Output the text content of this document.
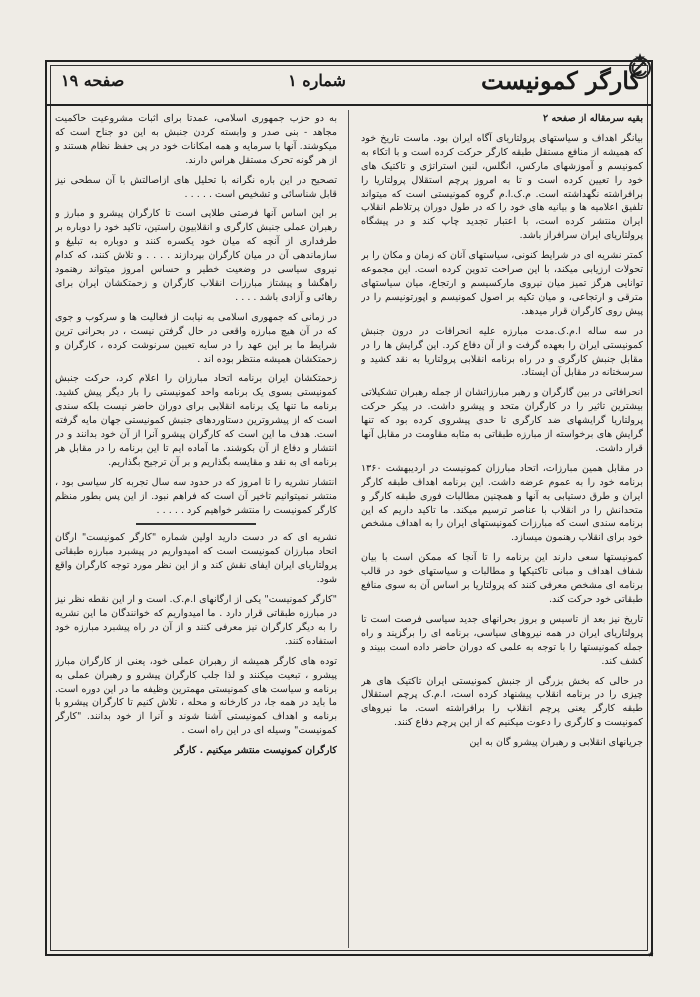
کارگر کمونیست
شماره ۱
صفحه ۱۹

بقیه سرمقاله از صفحه ۲

بیانگر اهداف و سیاستهای پرولتاریای آگاه ایران بود. ماست تاریخ خود که همیشه از منافع مستقل طبقه کارگر حرکت کرده است و با اتکاء به کمونیسم و آموزشهای مارکس، انگلس، لنین استراتژی و تاکتیک های خود را تعیین کرده است و تا به امروز پرچم استقلال پرولتاریا را برافراشته نگهداشته است. م.ک.ا.م گروه کمونیستی است که میتواند تلفیق اعلامیه ها و بیانیه های خود را که در طول دوران پرتلاطم انقلاب ایران منتشر کرده است، با اعتبار تجدید چاپ کند و در پیشگاه پرولتاریای ایران سرافراز باشد.

کمتر نشریه ای در شرایط کنونی، سیاستهای آنان که زمان و مکان را بر تحولات ارزیابی میکند، با این صراحت تدوین کرده است. این مجموعه توانایی هرگز تمیز میان نیروی مارکسیسم و ارتجاع، میان سیاستهای مترقی و ارتجاعی، و میان تکیه بر اصول کمونیسم و اپورتونیسم را در پیش روی کارگران قرار میدهد.

در سه ساله ا.م.ک.مدت مبارزه علیه انحرافات در درون جنبش کمونیستی ایران را بعهده گرفت و از آن دفاع کرد. این گرایش ها را در مقابل جنبش کارگری و در راه برنامه انقلابی پرولتاریا به نقد کشید و سرسختانه در مقابل آن ایستاد.

انحرافاتی در بین گارگران و رهبر مبارزاتشان از جمله رهبران تشکیلاتی بیشترین تاثیر را در کارگران متحد و پیشرو داشت. در پیکر حرکت پرولتاریا گرایشهای ضد کارگری تا حدی پیشروی کرده بود که تنها گرایش های برخواسته از مبارزه طبقاتی به مثابه مقاومت در مقابل آنها قرار داشت.

در مقابل همین مبارزات، اتحاد مبارزان کمونیست در اردیبهشت ۱۳۶۰ برنامه خود را به عموم عرضه داشت. این برنامه اهداف طبقه کارگر ایران و طرق دستیابی به آنها و همچنین مطالبات فوری طبقه کارگر و متحدانش را در انقلاب با عناصر ترسیم میکند. ما تاکید داریم که این برنامه سندی است که مبارزات کمونیستهای ایران را به اهداف مشخص خود برای انقلاب رهنمون میسازد.

کمونیستها سعی دارند این برنامه را تا آنجا که ممکن است با بیان شفاف اهداف و مبانی تاکتیکها و مطالبات و سیاستهای خود در قالب برنامه ای مشخص معرفی کنند که پرولتاریا بر اساس آن به سوی منافع طبقاتی خود حرکت کند.

تاریخ نیز بعد از تاسیس و بروز بحرانهای جدید سیاسی فرصت است تا پرولتاریای ایران در همه نیروهای سیاسی، برنامه ای را برگزیند و راه جمله کمونیستها را با توجه به علمی که دوران حاضر داده است ببیند و کشف کند.

در حالی که بخش بزرگی از جنبش کمونیستی ایران تاکتیک های هر چیزی را در برنامه انقلاب پیشنهاد کرده است، ا.م.ک پرچم استقلال طبقه کارگر یعنی پرچم انقلاب را برافراشته است. ما نیروهای کمونیست و کارگری را دعوت میکنیم که از این پرچم دفاع کنند.

جریانهای انقلابی و رهبران پیشرو گان به این

به دو حزب جمهوری اسلامی، عمدتا برای اثبات مشروعیت حاکمیت مجاهد - بنی صدر و وابسته کردن جنبش به این دو جناح است که میکوشند. آنها با سرمایه و همه امکانات خود در پی حفظ نظام هستند و از هر گونه تحرک مستقل هراس دارند.

تصحیح در این باره نگرانه با تحلیل های ازاصالتش با آن سطحی نیز قابل شناسائی و تشخیص است . . . . .

بر این اساس آنها فرصتی طلایی است تا کارگران پیشرو و مبارز و رهبران عملی جنبش کارگری و انقلابیون راستین، تاکید خود را دوباره بر طرفداری از آنچه که میان خود یکسره کنند و دوباره به تبلیغ و سازماندهی آن در میان کارگران بپردازند . . . . و تلاش کنند، که کدام نیروی سیاسی در وضعیت خطیر و حساس امروز میتواند رهنمود راهگشا و پیشتاز مبارزات انقلاب کارگران و زحمتکشان ایران برای رهائی و آزادی باشد . . . .

در زمانی که جمهوری اسلامی به نیابت از فعالیت ها و سرکوب و جوی که در آن هیچ مبارزه واقعی در حال گرفتن نیست ، در بحرانی ترین شرایط ما بر این عهد را در سایه تعیین سرنوشت کرده ، کارگران و زحمتکشان همیشه منتظر بوده اند .

زحمتکشان ایران برنامه اتحاد مبارزان را اعلام کرد، حرکت جنبش کمونیستی بسوی یک برنامه واحد کمونیستی را بار دیگر پیش کشید. برنامه ما تنها یک برنامه انقلابی برای دوران حاضر نیست بلکه سندی است که از پیشروترین دستاوردهای جنبش کمونیستی جهان مایه گرفته است. هدف ما این است که کارگران پیشرو آنرا از آن خود بدانند و در انتشار و دفاع از آن بکوشند. ما آماده ایم تا این برنامه را در مقابل هر برنامه ای به نقد و مقایسه بگذاریم و بر آن ترجیح بگذاریم.

انتشار نشریه را تا امروز که در حدود سه سال تجربه کار سیاسی بود ، منتشر نمیتوانیم تاخیر آن است که فراهم نبود. از این پس بطور منظم کارگر کمونیست را منتشر خواهیم کرد . . . . .

نشریه ای که در دست دارید اولین شماره "کارگر کمونیست" ارگان اتحاد مبارزان کمونیست است که امیدواریم در پیشبرد مبارزه طبقاتی پرولتاریای ایران ایفای نقش کند و از این نظر مورد توجه کارگران واقع شود.

"کارگر کمونیست" یکی از ارگانهای ا.م.ک. است و ار این نقطه نظر نیز در مبارزه طبقاتی قرار دارد . ما امیدواریم که خوانندگان ما این نشریه را به دیگر کارگران نیز معرفی کنند و از آن در راه پیشبرد مبارزه خود استفاده کنند.

توده های کارگر همیشه از رهبران عملی خود، یعنی از کارگران مبارز پیشرو ، تبعیت میکنند و لذا جلب کارگران پیشرو و رهبران عملی به برنامه و سیاست های کمونیستی مهمترین وظیفه ما در این دوره است. ما باید در همه جا، در کارخانه و محله ، تلاش کنیم تا کارگران پیشرو با برنامه و اهداف کمونیستی آشنا شوند و آنرا از خود بدانند. "کارگر کمونیست" وسیله ای در این راه است .

کارگران کمونیست منتشر میکنیم . کارگر

٭
